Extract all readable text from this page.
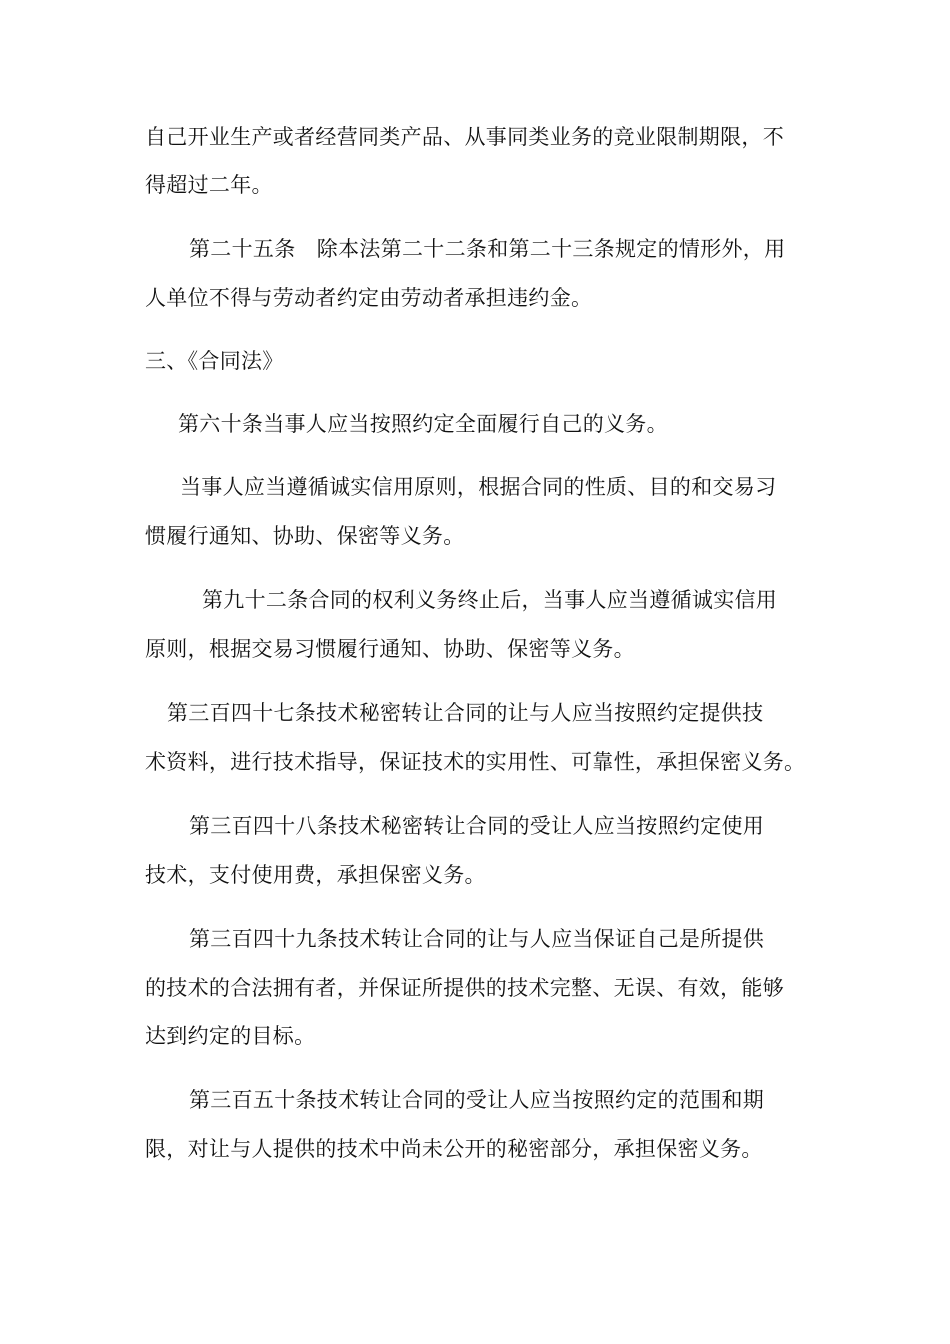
自己开业生产或者经营同类产品、从事同类业务的竞业限制期限，不
得超过二年。
第二十五条　除本法第二十二条和第二十三条规定的情形外，用
人单位不得与劳动者约定由劳动者承担违约金。
三、《合同法》
第六十条当事人应当按照约定全面履行自己的义务。
当事人应当遵循诚实信用原则，根据合同的性质、目的和交易习
惯履行通知、协助、保密等义务。
第九十二条合同的权利义务终止后，当事人应当遵循诚实信用
原则，根据交易习惯履行通知、协助、保密等义务。
第三百四十七条技术秘密转让合同的让与人应当按照约定提供技
术资料，进行技术指导，保证技术的实用性、可靠性，承担保密义务。
第三百四十八条技术秘密转让合同的受让人应当按照约定使用
技术，支付使用费，承担保密义务。
第三百四十九条技术转让合同的让与人应当保证自己是所提供
的技术的合法拥有者，并保证所提供的技术完整、无误、有效，能够
达到约定的目标。
第三百五十条技术转让合同的受让人应当按照约定的范围和期
限，对让与人提供的技术中尚未公开的秘密部分，承担保密义务。
